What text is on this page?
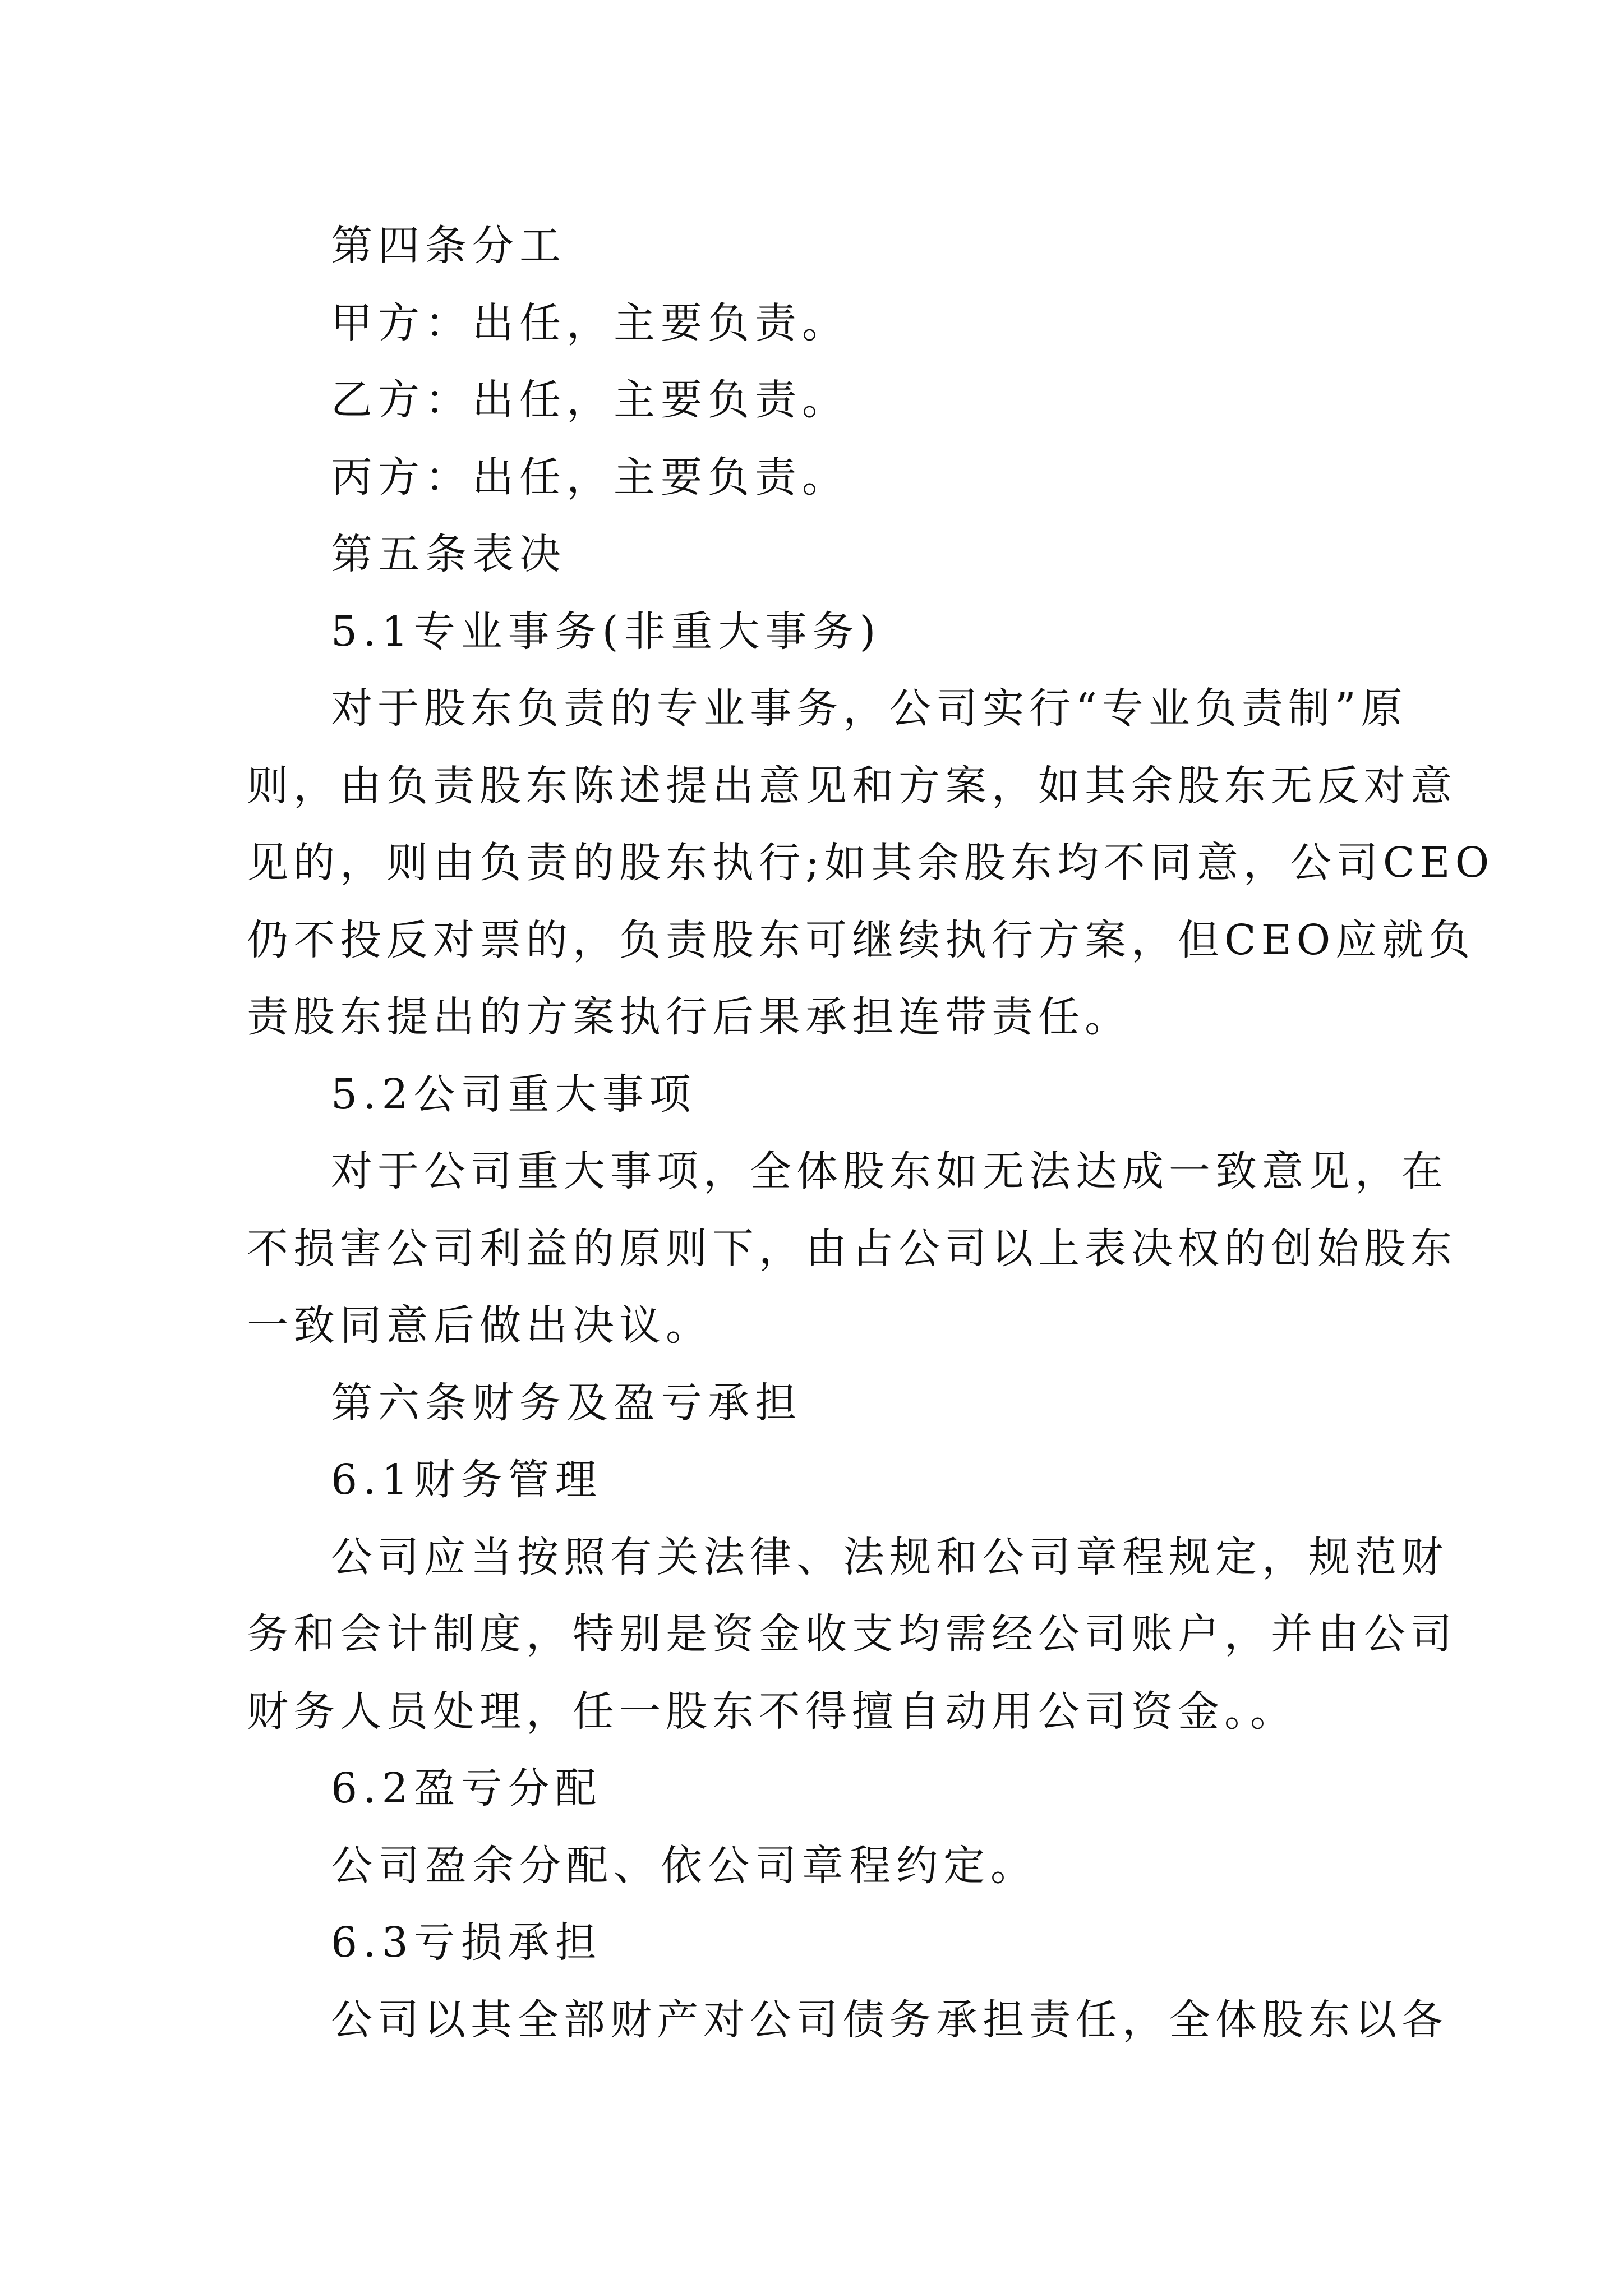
第四条分工

甲方：出任，主要负责。

乙方：出任，主要负责。

丙方：出任，主要负责。

第五条表决

5.1专业事务(非重大事务)

对于股东负责的专业事务，公司实行“专业负责制”原

则，由负责股东陈述提出意见和方案，如其余股东无反对意

见的，则由负责的股东执行;如其余股东均不同意，公司CEO

仍不投反对票的，负责股东可继续执行方案，但CEO应就负

责股东提出的方案执行后果承担连带责任。

5.2公司重大事项

对于公司重大事项，全体股东如无法达成一致意见，在

不损害公司利益的原则下，由占公司以上表决权的创始股东

一致同意后做出决议。

第六条财务及盈亏承担

6.1财务管理

公司应当按照有关法律、法规和公司章程规定，规范财

务和会计制度，特别是资金收支均需经公司账户，并由公司

财务人员处理，任一股东不得擅自动用公司资金。。

6.2盈亏分配

公司盈余分配、依公司章程约定。

6.3亏损承担

公司以其全部财产对公司债务承担责任，全体股东以各
